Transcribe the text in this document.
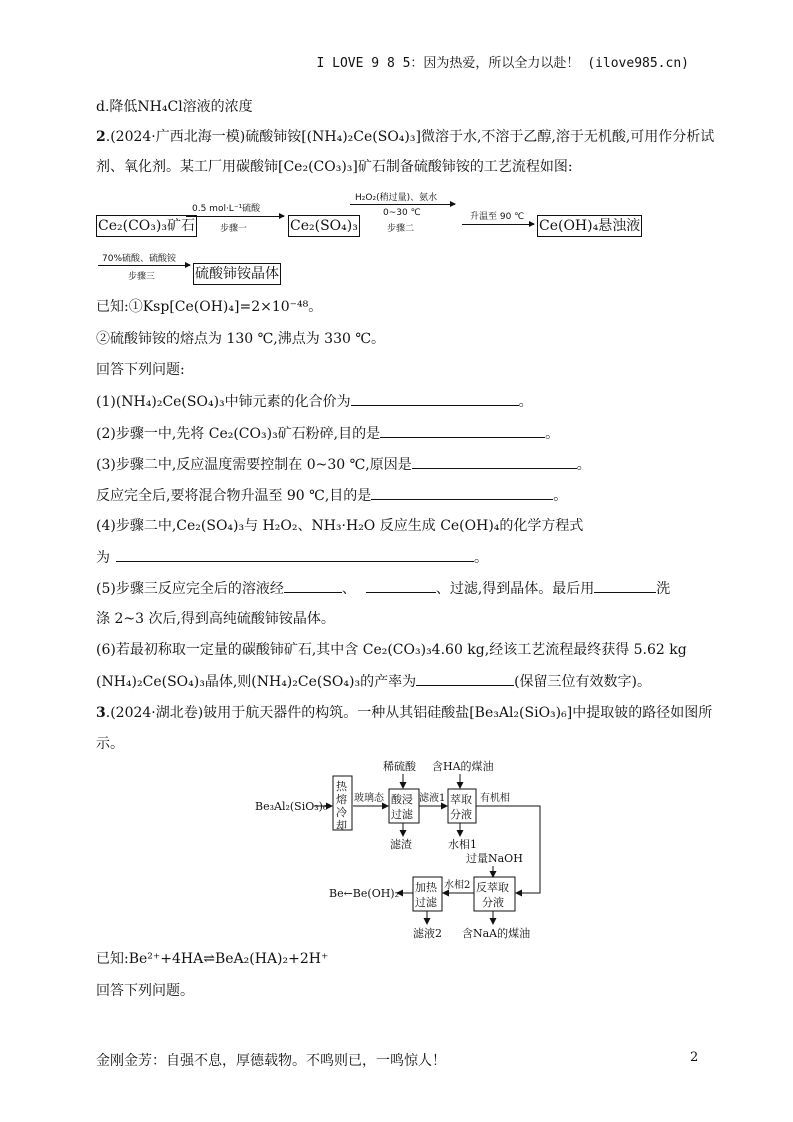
I LOVE 9 8 5：因为热爱，所以全力以赴！ (ilove985.cn)
d.降低NH₄Cl溶液的浓度
2.(2024·广西北海一模)硫酸铈铵[(NH₄)₂Ce(SO₄)₃]微溶于水,不溶于乙醇,溶于无机酸,可用作分析试
剂、氧化剂。某工厂用碳酸铈[Ce₂(CO₃)₃]矿石制备硫酸铈铵的工艺流程如图:
Ce₂(CO₃)₃矿石
0.5 mol·L⁻¹硫酸
步骤一	Ce₂(SO₄)₃
H₂O₂(稍过量)、氨水
0~30 ℃
步骤二
升温至 90 ℃
Ce(OH)₄悬浊液
70%硫酸、硫酸铵
步骤三	硫酸铈铵晶体
已知:①Ksp[Ce(OH)₄]=2×10⁻⁴⁸。
②硫酸铈铵的熔点为 130 ℃,沸点为 330 ℃。
回答下列问题:
(1)(NH₄)₂Ce(SO₄)₃中铈元素的化合价为	。
(2)步骤一中,先将 Ce₂(CO₃)₃矿石粉碎,目的是	。
(3)步骤二中,反应温度需要控制在 0~30 ℃,原因是	。
反应完全后,要将混合物升温至 90 ℃,目的是	。
(4)步骤二中,Ce₂(SO₄)₃与 H₂O₂、NH₃·H₂O 反应生成 Ce(OH)₄的化学方程式
为	。
(5)步骤三反应完全后的溶液经	、	、过滤,得到晶体。最后用	洗
涤 2~3 次后,得到高纯硫酸铈铵晶体。
(6)若最初称取一定量的碳酸铈矿石,其中含 Ce₂(CO₃)₃4.60 kg,经该工艺流程最终获得 5.62 kg
(NH₄)₂Ce(SO₄)₃晶体,则(NH₄)₂Ce(SO₄)₃的产率为	(保留三位有效数字)。
3.(2024·湖北卷)铍用于航天器件的构筑。一种从其铝硅酸盐[Be₃Al₂(SiO₃)₆]中提取铍的路径如图所
示。
Be₃Al₂(SiO₃)₆
热
熔
冷
却
玻璃态
稀硫酸 含HA的煤油
酸浸
过滤
滤液1 萃取
分液
有机相
滤渣	水相1
过量NaOH
反萃取
分液
水相2
加热
过滤
Be←Be(OH)₂
滤液2 含NaA的煤油
已知:Be²⁺+4HA⇌BeA₂(HA)₂+2H⁺
回答下列问题。
金刚金芳：自强不息，厚德载物。不鸣则已，一鸣惊人！	2
